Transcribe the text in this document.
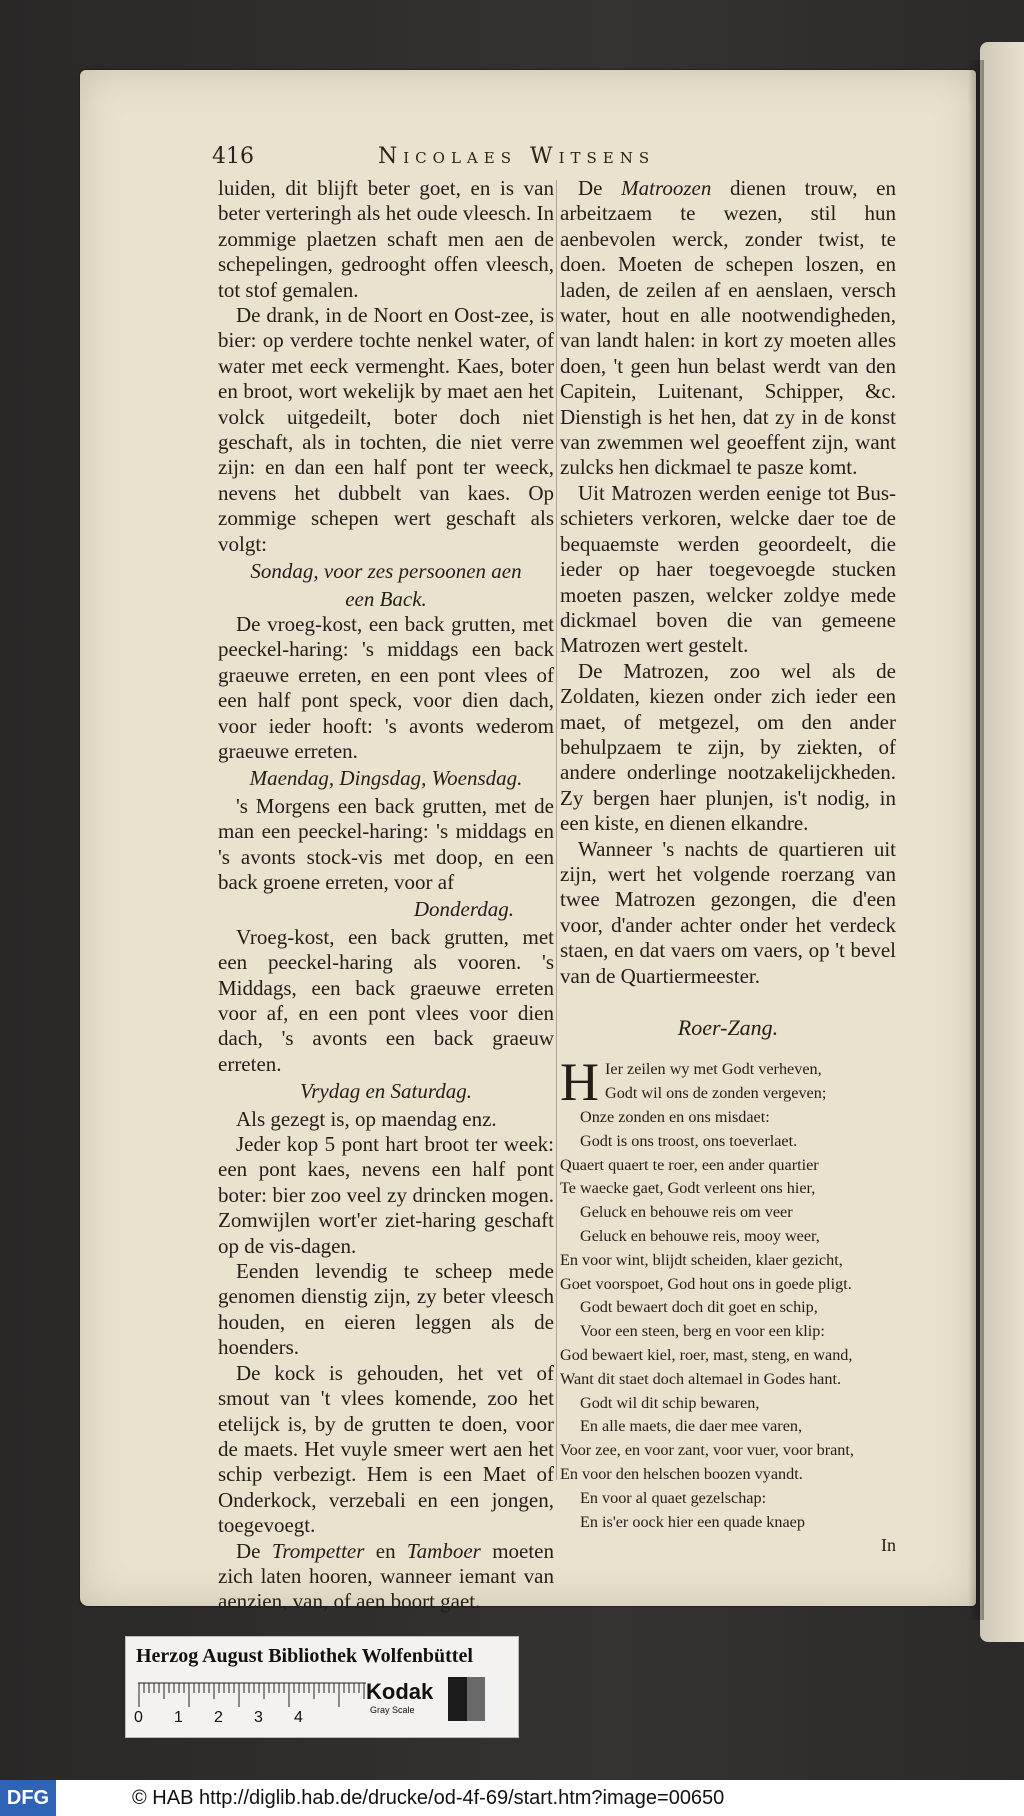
416	Nicolaes Witsens

luiden, dit blijft beter goet, en is van beter verteringh als het oude vleesch. In zommige plaetzen schaft men aen de schepelingen, gedrooght offen vleesch, tot stof gemalen.

De drank, in de Noort en Oost-zee, is bier: op verdere tochte nenkel water, of water met eeck vermenght. Kaes, boter en broot, wort wekelijk by maet aen het volck uitgedeilt, boter doch niet geschaft, als in tochten, die niet verre zijn: en dan een half pont ter weeck, nevens het dubbelt van kaes. Op zommige schepen wert geschaft als volgt:

Sondag, voor zes persoonen aen

een Back.

De vroeg-kost, een back grutten, met peeckel-haring: 's middags een back graeuwe erreten, en een pont vlees of een half pont speck, voor dien dach, voor ieder hooft: 's avonts wederom graeuwe erreten.

Maendag, Dingsdag, Woensdag.

's Morgens een back grutten, met de man een peeckel-haring: 's middags en 's avonts stock-vis met doop, en een back groene erreten, voor af

Donderdag.

Vroeg-kost, een back grutten, met een peeckel-haring als vooren. 's Middags, een back graeuwe erreten voor af, en een pont vlees voor dien dach, 's avonts een back graeuw erreten.

Vrydag en Saturdag.

Als gezegt is, op maendag enz.

Jeder kop 5 pont hart broot ter week: een pont kaes, nevens een half pont boter: bier zoo veel zy drincken mogen. Zomwijlen wort'er ziet-haring geschaft op de vis-dagen.

Eenden levendig te scheep mede genomen dienstig zijn, zy beter vleesch houden, en eieren leggen als de hoenders.

De kock is gehouden, het vet of smout van 't vlees komende, zoo het etelijck is, by de grutten te doen, voor de maets. Het vuyle smeer wert aen het schip verbezigt. Hem is een Maet of Onderkock, verzebali en een jongen, toegevoegt.

De Trompetter en Tamboer moeten zich laten hooren, wanneer iemant van aenzien, van, of aen boort gaet.

De Matroozen dienen trouw, en arbeitzaem te wezen, stil hun aenbevolen werck, zonder twist, te doen. Moeten de schepen loszen, en laden, de zeilen af en aenslaen, versch water, hout en alle nootwendigheden, van landt halen: in kort zy moeten alles doen, 't geen hun belast werdt van den Capitein, Luitenant, Schipper, &c. Dienstigh is het hen, dat zy in de konst van zwemmen wel geoeffent zijn, want zulcks hen dickmael te pasze komt.

Uit Matrozen werden eenige tot Bus-schieters verkoren, welcke daer toe de bequaemste werden geoordeelt, die ieder op haer toegevoegde stucken moeten paszen, welcker zoldye mede dickmael boven die van gemeene Matrozen wert gestelt.

De Matrozen, zoo wel als de Zoldaten, kiezen onder zich ieder een maet, of metgezel, om den ander behulpzaem te zijn, by ziekten, of andere onderlinge nootzakelijckheden. Zy bergen haer plunjen, is't nodig, in een kiste, en dienen elkandre.

Wanneer 's nachts de quartieren uit zijn, wert het volgende roerzang van twee Matrozen gezongen, die d'een voor, d'ander achter onder het verdeck staen, en dat vaers om vaers, op 't bevel van de Quartiermeester.

Roer-Zang.
H Ier zeilen wy met Godt verheven,
Godt wil ons de zonden vergeven;
Onze zonden en ons misdaet:
Godt is ons troost, ons toeverlaet.
Quaert quaert te roer, een ander quartier
Te waecke gaet, Godt verleent ons hier,
Geluck en behouwe reis om veer
Geluck en behouwe reis, mooy weer,
En voor wint, blijdt scheiden, klaer gezicht,
Goet voorspoet, God hout ons in goede pligt.
Godt bewaert doch dit goet en schip,
Voor een steen, berg en voor een klip:
God bewaert kiel, roer, mast, steng, en wand,
Want dit staet doch altemael in Godes hant.
Godt wil dit schip bewaren,
En alle maets, die daer mee varen,
Voor zee, en voor zant, voor vuer, voor brant,
En voor den helschen boozen vyandt.
En voor al quaet gezelschap:
En is'er oock hier een quade knaep
In
Herzog August Bibliothek Wolfenbüttel
0 1 2 3 4
Kodak
Gray Scale
DFG	© HAB http://diglib.hab.de/drucke/od-4f-69/start.htm?image=00650
